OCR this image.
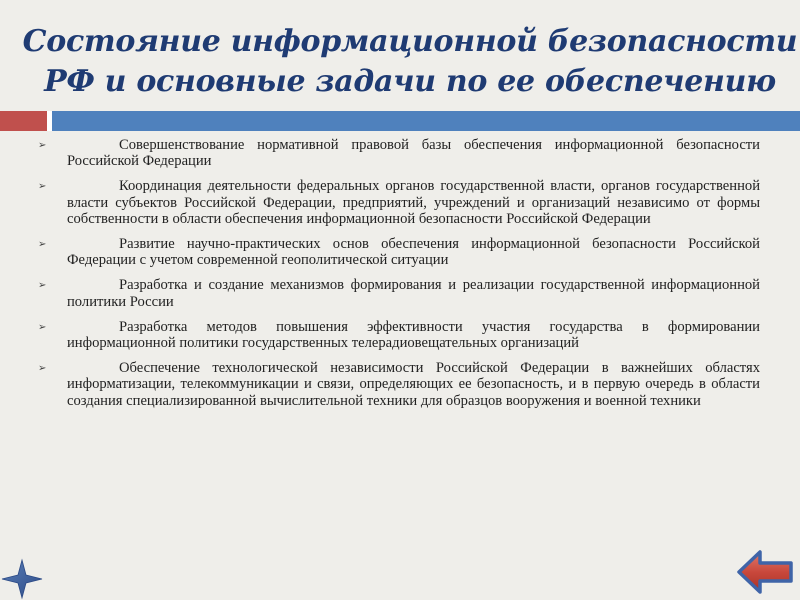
Состояние информационной безопасности
РФ и основные задачи по ее обеспечению
➢	Совершенствование нормативной правовой базы обеспечения информационной безопасности Российской Федерации
➢	Координация деятельности федеральных органов государственной власти, органов государственной власти субъектов Российской Федерации, предприятий, учреждений и организаций независимо от формы собственности в области обеспечения информационной безопасности Российской Федерации
➢	Развитие научно-практических основ обеспечения информационной безопасности Российской Федерации с учетом современной геополитической ситуации
➢	Разработка и создание механизмов формирования и реализации государственной информационной политики России
➢	Разработка методов повышения эффективности участия государства в формировании информационной политики государственных телерадиовещательных организаций
➢	Обеспечение технологической независимости Российской Федерации в важнейших областях информатизации, телекоммуникации и связи, определяющих ее безопасность, и в первую очередь в области создания специализированной вычислительной техники для образцов вооружения и военной техники
